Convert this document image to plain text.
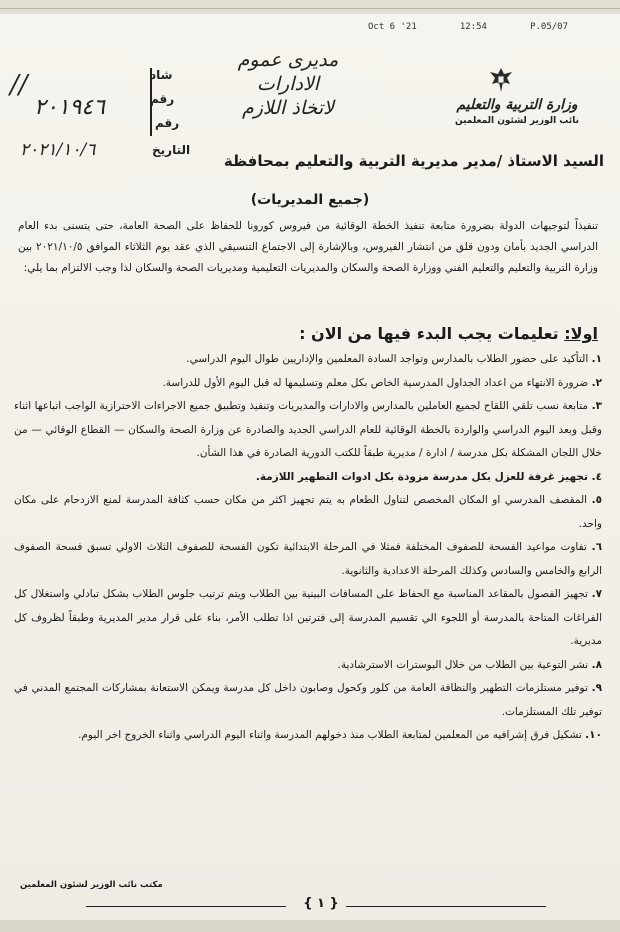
Oct 6 '21	12:54	P.05/07
//
٢٠١٩٤٦
٢٠٢١/١٠/٦
شاد
رقم
رقم
التاريخ
مديرى عموم الادارات
لاتخاذ اللازم	وزارة التربية والتعليم
نائب الوزير لشئون المعلمين
السيد الاستاذ /مدير مديرية التربية والتعليم بمحافظة
(جميع المديريات)
تنفيذاً لتوجيهات الدولة بضرورة متابعة تنفيذ الخطة الوقائية من فيروس كورونا للحفاظ على الصحة العامة، حتى يتسنى بدء العام الدراسي الجديد بأمان ودون قلق من انتشار الفيروس، وبالإشارة إلى الاجتماع التنسيقي الذي عقد يوم الثلاثاء الموافق ٢٠٢١/١٠/٥ بين وزارة التربية والتعليم والتعليم الفني ووزارة الصحة والسكان والمديريات التعليمية ومديريات الصحة والسكان لذا وجب الالتزام بما يلي:
اولا: تعليمات يجب البدء فيها من الان :
١. التأكيد على حضور الطلاب بالمدارس وتواجد السادة المعلمين والإداريين طوال اليوم الدراسي.
٢. ضرورة الانتهاء من اعداد الجداول المدرسية الخاص بكل معلم وتسليمها له قبل اليوم الأول للدراسة.
٣. متابعة نسب تلقي اللقاح لجميع العاملين بالمدارس والادارات والمديريات وتنفيذ وتطبيق جميع الاجراءات الاحترازية الواجب اتباعها اثناء وقبل وبعد اليوم الدراسي والواردة بالخطة الوقائية للعام الدراسي الجديد والصادرة عن وزارة الصحة والسكان — القطاع الوقائي — من خلال اللجان المشكلة بكل مدرسة / ادارة / مديرية طبقاً للكتب الدورية الصادرة في هذا الشأن.
٤. تجهيز غرفة للعزل بكل مدرسة مزودة بكل ادوات التطهير اللازمة.
٥. المقصف المدرسي او المكان المخصص لتناول الطعام به يتم تجهيز اكثر من مكان حسب كثافة المدرسة لمنع الازدحام على مكان واحد.
٦. تفاوت مواعيد الفسحة للصفوف المختلفة فمثلا في المرحلة الابتدائية تكون الفسحة للصفوف الثلاث الاولي تسبق فسحة الصفوف الرابع والخامس والسادس وكذلك المرحلة الاعدادية والثانوية.
٧. تجهيز الفصول بالمقاعد المناسبة مع الحفاظ على المسافات البينية بين الطلاب ويتم ترتيب جلوس الطلاب بشكل تبادلي واستغلال كل الفراغات المتاحة بالمدرسة أو اللجوء الي تقسيم المدرسة إلى فترتين اذا تطلب الأمر، بناء على قرار مدير المديرية وطبقاً لظروف كل مديرية.
٨. نشر التوعية بين الطلاب من خلال البوسترات الاسترشادية.
٩. توفير مستلزمات التطهير والنظافة العامة من كلور وكحول وصابون داخل كل مدرسة ويمكن الاستعانة بمشاركات المجتمع المدني في توفير تلك المستلزمات.
١٠. تشكيل فرق إشرافيه من المعلمين لمتابعة الطلاب منذ دخولهم المدرسة واثناء اليوم الدراسي واثناء الخروج اخر اليوم.
مكتب نائب الوزير لشئون المعلمين
{ ١ }
